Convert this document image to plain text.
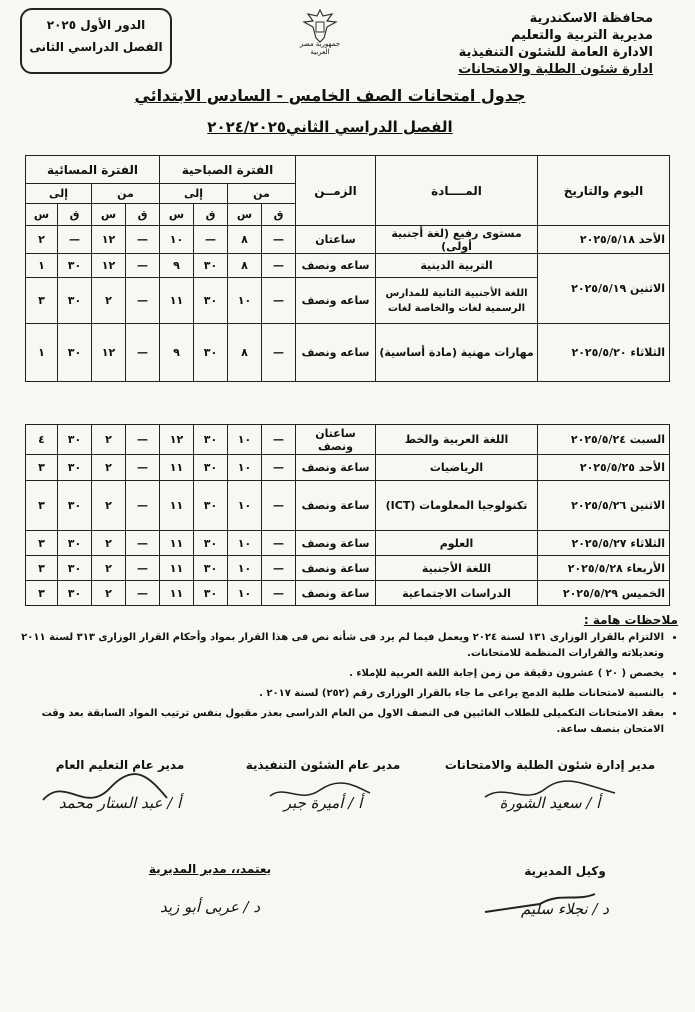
محافظة الاسكندرية
مديرية التربية والتعليم
الادارة العامة للشئون التنفيذية
ادارة شئون الطلبة والامتحانات
جمهورية مصر العربية
الدور الأول ٢٠٢٥
الفصل الدراسي الثانى
جدول امتحانات الصف الخامس - السادس الابتدائي
الفصل الدراسي الثاني٢٠٢٤/٢٠٢٥
اليوم والتاريخ	المــــادة	الزمــن	الفترة الصباحية				الفترة المسائية			
			من		إلى		من		إلى	
			ق	س	ق	س	ق	س	ق	س
الأحد ٢٠٢٥/٥/١٨	مستوى رفيع (لغة أجنبية أولى)	ساعتان	—	٨	—	١٠	—	١٢	—	٢
الاثنين ٢٠٢٥/٥/١٩	التربية الدينية	ساعه ونصف	—	٨	٣٠	٩	—	١٢	٣٠	١
	اللغة الأجنبية الثانية للمدارس الرسمية لغات والخاصة لغات	ساعه ونصف	—	١٠	٣٠	١١	—	٢	٣٠	٣
الثلاثاء ٢٠٢٥/٥/٢٠	مهارات مهنية (مادة أساسية)	ساعه ونصف	—	٨	٣٠	٩	—	١٢	٣٠	١
السبت ٢٠٢٥/٥/٢٤	اللغة العربية والخط	ساعتان ونصف	—	١٠	٣٠	١٢	—	٢	٣٠	٤
الأحد ٢٠٢٥/٥/٢٥	الرياضيات	ساعة ونصف	—	١٠	٣٠	١١	—	٢	٣٠	٣
الاثنين ٢٠٢٥/٥/٢٦	تكنولوجيا المعلومات (ICT)	ساعة ونصف	—	١٠	٣٠	١١	—	٢	٣٠	٣
الثلاثاء ٢٠٢٥/٥/٢٧	العلوم	ساعة ونصف	—	١٠	٣٠	١١	—	٢	٣٠	٣
الأربعاء ٢٠٢٥/٥/٢٨	اللغة الأجنبية	ساعة ونصف	—	١٠	٣٠	١١	—	٢	٣٠	٣
الخميس ٢٠٢٥/٥/٢٩	الدراسات الاجتماعية	ساعة ونصف	—	١٠	٣٠	١١	—	٢	٣٠	٣
ملاحظات هامة :
• الالتزام بالقرار الوزارى ١٣١ لسنة ٢٠٢٤ ويعمل فيما لم يرد فى شأنه نص فى هذا القرار بمواد وأحكام القرار الوزارى ٣١٣ لسنة ٢٠١١ وتعديلاته والقرارات المنظمة للامتحانات.
• يخصص ( ٢٠ ) عشرون دقيقة من زمن إجابة اللغة العربية للإملاء .
• بالنسبة لامتحانات طلبة الدمج يراعى ما جاء بالقرار الوزارى رقم (٢٥٢) لسنة ٢٠١٧ .
• بعقد الامتحانات التكميلى للطلاب الغائبين فى النصف الاول من العام الدراسى بعذر مقبول بنفس ترتيب المواد السابقة بعد وقت الامتحان بنصف ساعة.
مدير إدارة شئون الطلبة والامتحانات
أ / سعيد الشورة
مدير عام الشئون التنفيذية
أ / أميرة جبر
مدير عام التعليم العام
أ / عبد الستار محمد
وكيل المديرية
د / نجلاء سليم
يعتمد،، مدير المديرية
د / عربى أبو زيد
